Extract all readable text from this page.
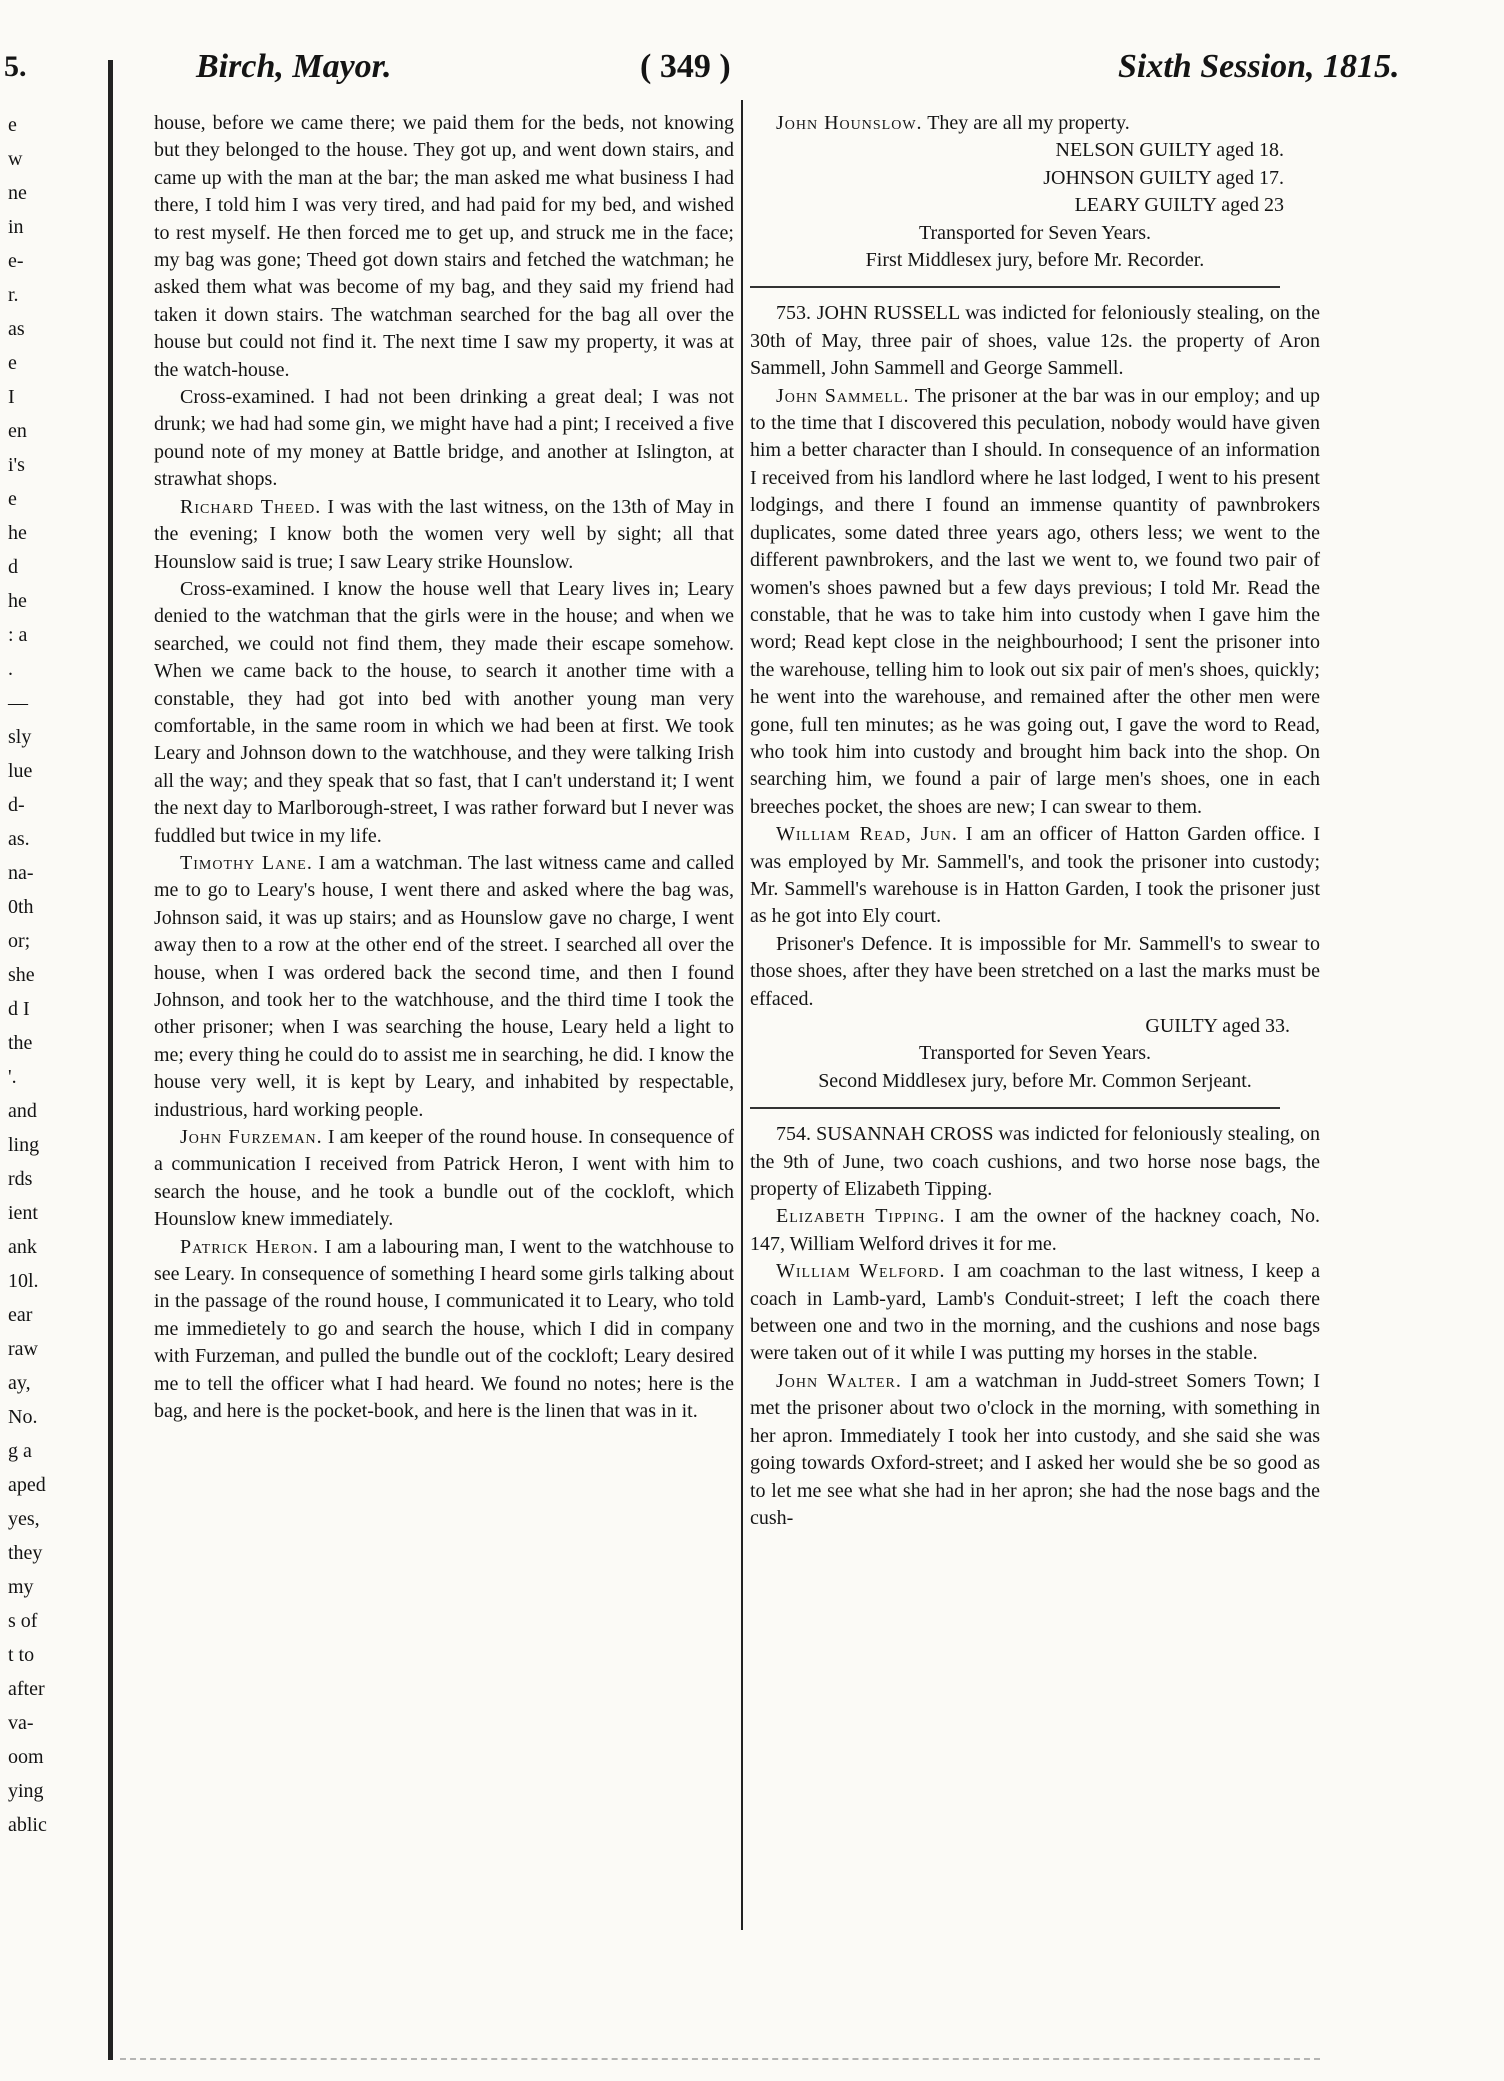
5.
e
w
ne
in
e-
r.
as
e
I
en
i's
e
he
d
he
: a
.
—
sly
lue
d-
as.
na-
0th
or;
she
d I
the
'.
and
ling
rds
ient
ank
10l.
ear
raw
ay,
No.
g a
aped
yes,
they
my
s of
t to
after
va-
oom
ying
ablic
Birch, Mayor.	( 349 )	Sixth Session, 1815.

house, before we came there; we paid them for the beds, not knowing but they belonged to the house. They got up, and went down stairs, and came up with the man at the bar; the man asked me what business I had there, I told him I was very tired, and had paid for my bed, and wished to rest myself. He then forced me to get up, and struck me in the face; my bag was gone; Theed got down stairs and fetched the watchman; he asked them what was become of my bag, and they said my friend had taken it down stairs. The watchman searched for the bag all over the house but could not find it. The next time I saw my property, it was at the watch-house.

Cross-examined. I had not been drinking a great deal; I was not drunk; we had had some gin, we might have had a pint; I received a five pound note of my money at Battle bridge, and another at Islington, at strawhat shops.

Richard Theed. I was with the last witness, on the 13th of May in the evening; I know both the women very well by sight; all that Hounslow said is true; I saw Leary strike Hounslow.

Cross-examined. I know the house well that Leary lives in; Leary denied to the watchman that the girls were in the house; and when we searched, we could not find them, they made their escape somehow. When we came back to the house, to search it another time with a constable, they had got into bed with another young man very comfortable, in the same room in which we had been at first. We took Leary and Johnson down to the watchhouse, and they were talking Irish all the way; and they speak that so fast, that I can't understand it; I went the next day to Marlborough-street, I was rather forward but I never was fuddled but twice in my life.

Timothy Lane. I am a watchman. The last witness came and called me to go to Leary's house, I went there and asked where the bag was, Johnson said, it was up stairs; and as Hounslow gave no charge, I went away then to a row at the other end of the street. I searched all over the house, when I was ordered back the second time, and then I found Johnson, and took her to the watchhouse, and the third time I took the other prisoner; when I was searching the house, Leary held a light to me; every thing he could do to assist me in searching, he did. I know the house very well, it is kept by Leary, and inhabited by respectable, industrious, hard working people.

John Furzeman. I am keeper of the round house. In consequence of a communication I received from Patrick Heron, I went with him to search the house, and he took a bundle out of the cockloft, which Hounslow knew immediately.

Patrick Heron. I am a labouring man, I went to the watchhouse to see Leary. In consequence of something I heard some girls talking about in the passage of the round house, I communicated it to Leary, who told me immedietely to go and search the house, which I did in company with Furzeman, and pulled the bundle out of the cockloft; Leary desired me to tell the officer what I had heard. We found no notes; here is the bag, and here is the pocket-book, and here is the linen that was in it.

John Hounslow. They are all my property.

NELSON GUILTY aged 18.
JOHNSON GUILTY aged 17.
LEARY GUILTY aged 23

Transported for Seven Years.

First Middlesex jury, before Mr. Recorder.

753. JOHN RUSSELL was indicted for feloniously stealing, on the 30th of May, three pair of shoes, value 12s. the property of Aron Sammell, John Sammell and George Sammell.

John Sammell. The prisoner at the bar was in our employ; and up to the time that I discovered this peculation, nobody would have given him a better character than I should. In consequence of an information I received from his landlord where he last lodged, I went to his present lodgings, and there I found an immense quantity of pawnbrokers duplicates, some dated three years ago, others less; we went to the different pawnbrokers, and the last we went to, we found two pair of women's shoes pawned but a few days previous; I told Mr. Read the constable, that he was to take him into custody when I gave him the word; Read kept close in the neighbourhood; I sent the prisoner into the warehouse, telling him to look out six pair of men's shoes, quickly; he went into the warehouse, and remained after the other men were gone, full ten minutes; as he was going out, I gave the word to Read, who took him into custody and brought him back into the shop. On searching him, we found a pair of large men's shoes, one in each breeches pocket, the shoes are new; I can swear to them.

William Read, Jun. I am an officer of Hatton Garden office. I was employed by Mr. Sammell's, and took the prisoner into custody; Mr. Sammell's warehouse is in Hatton Garden, I took the prisoner just as he got into Ely court.

Prisoner's Defence. It is impossible for Mr. Sammell's to swear to those shoes, after they have been stretched on a last the marks must be effaced.

GUILTY aged 33.

Transported for Seven Years.

Second Middlesex jury, before Mr. Common Serjeant.

754. SUSANNAH CROSS was indicted for feloniously stealing, on the 9th of June, two coach cushions, and two horse nose bags, the property of Elizabeth Tipping.

Elizabeth Tipping. I am the owner of the hackney coach, No. 147, William Welford drives it for me.

William Welford. I am coachman to the last witness, I keep a coach in Lamb-yard, Lamb's Conduit-street; I left the coach there between one and two in the morning, and the cushions and nose bags were taken out of it while I was putting my horses in the stable.

John Walter. I am a watchman in Judd-street Somers Town; I met the prisoner about two o'clock in the morning, with something in her apron. Immediately I took her into custody, and she said she was going towards Oxford-street; and I asked her would she be so good as to let me see what she had in her apron; she had the nose bags and the cush-
